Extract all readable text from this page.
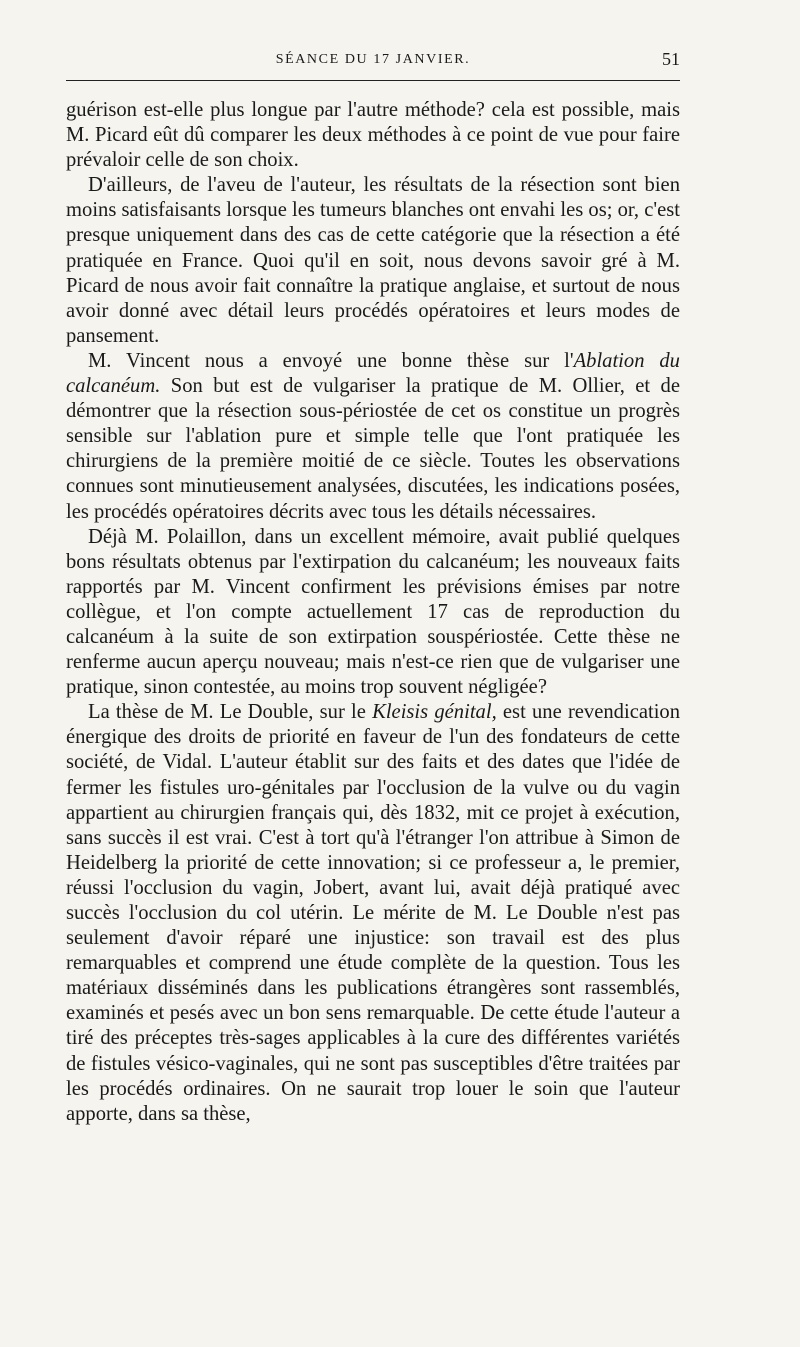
SÉANCE DU 17 JANVIER.	51

guérison est-elle plus longue par l'autre méthode? cela est possible, mais M. Picard eût dû comparer les deux méthodes à ce point de vue pour faire prévaloir celle de son choix.

D'ailleurs, de l'aveu de l'auteur, les résultats de la résection sont bien moins satisfaisants lorsque les tumeurs blanches ont envahi les os; or, c'est presque uniquement dans des cas de cette catégorie que la résection a été pratiquée en France. Quoi qu'il en soit, nous devons savoir gré à M. Picard de nous avoir fait connaître la pratique anglaise, et surtout de nous avoir donné avec détail leurs procédés opératoires et leurs modes de pansement.

M. Vincent nous a envoyé une bonne thèse sur l'Ablation du calcanéum. Son but est de vulgariser la pratique de M. Ollier, et de démontrer que la résection sous-périostée de cet os constitue un progrès sensible sur l'ablation pure et simple telle que l'ont pratiquée les chirurgiens de la première moitié de ce siècle. Toutes les observations connues sont minutieusement analysées, discutées, les indications posées, les procédés opératoires décrits avec tous les détails nécessaires.

Déjà M. Polaillon, dans un excellent mémoire, avait publié quelques bons résultats obtenus par l'extirpation du calcanéum; les nouveaux faits rapportés par M. Vincent confirment les prévisions émises par notre collègue, et l'on compte actuellement 17 cas de reproduction du calcanéum à la suite de son extirpation souspériostée. Cette thèse ne renferme aucun aperçu nouveau; mais n'est-ce rien que de vulgariser une pratique, sinon contestée, au moins trop souvent négligée?

La thèse de M. Le Double, sur le Kleisis génital, est une revendication énergique des droits de priorité en faveur de l'un des fondateurs de cette société, de Vidal. L'auteur établit sur des faits et des dates que l'idée de fermer les fistules uro-génitales par l'occlusion de la vulve ou du vagin appartient au chirurgien français qui, dès 1832, mit ce projet à exécution, sans succès il est vrai. C'est à tort qu'à l'étranger l'on attribue à Simon de Heidelberg la priorité de cette innovation; si ce professeur a, le premier, réussi l'occlusion du vagin, Jobert, avant lui, avait déjà pratiqué avec succès l'occlusion du col utérin. Le mérite de M. Le Double n'est pas seulement d'avoir réparé une injustice: son travail est des plus remarquables et comprend une étude complète de la question. Tous les matériaux disséminés dans les publications étrangères sont rassemblés, examinés et pesés avec un bon sens remarquable. De cette étude l'auteur a tiré des préceptes très-sages applicables à la cure des différentes variétés de fistules vésico-vaginales, qui ne sont pas susceptibles d'être traitées par les procédés ordinaires. On ne saurait trop louer le soin que l'auteur apporte, dans sa thèse,
